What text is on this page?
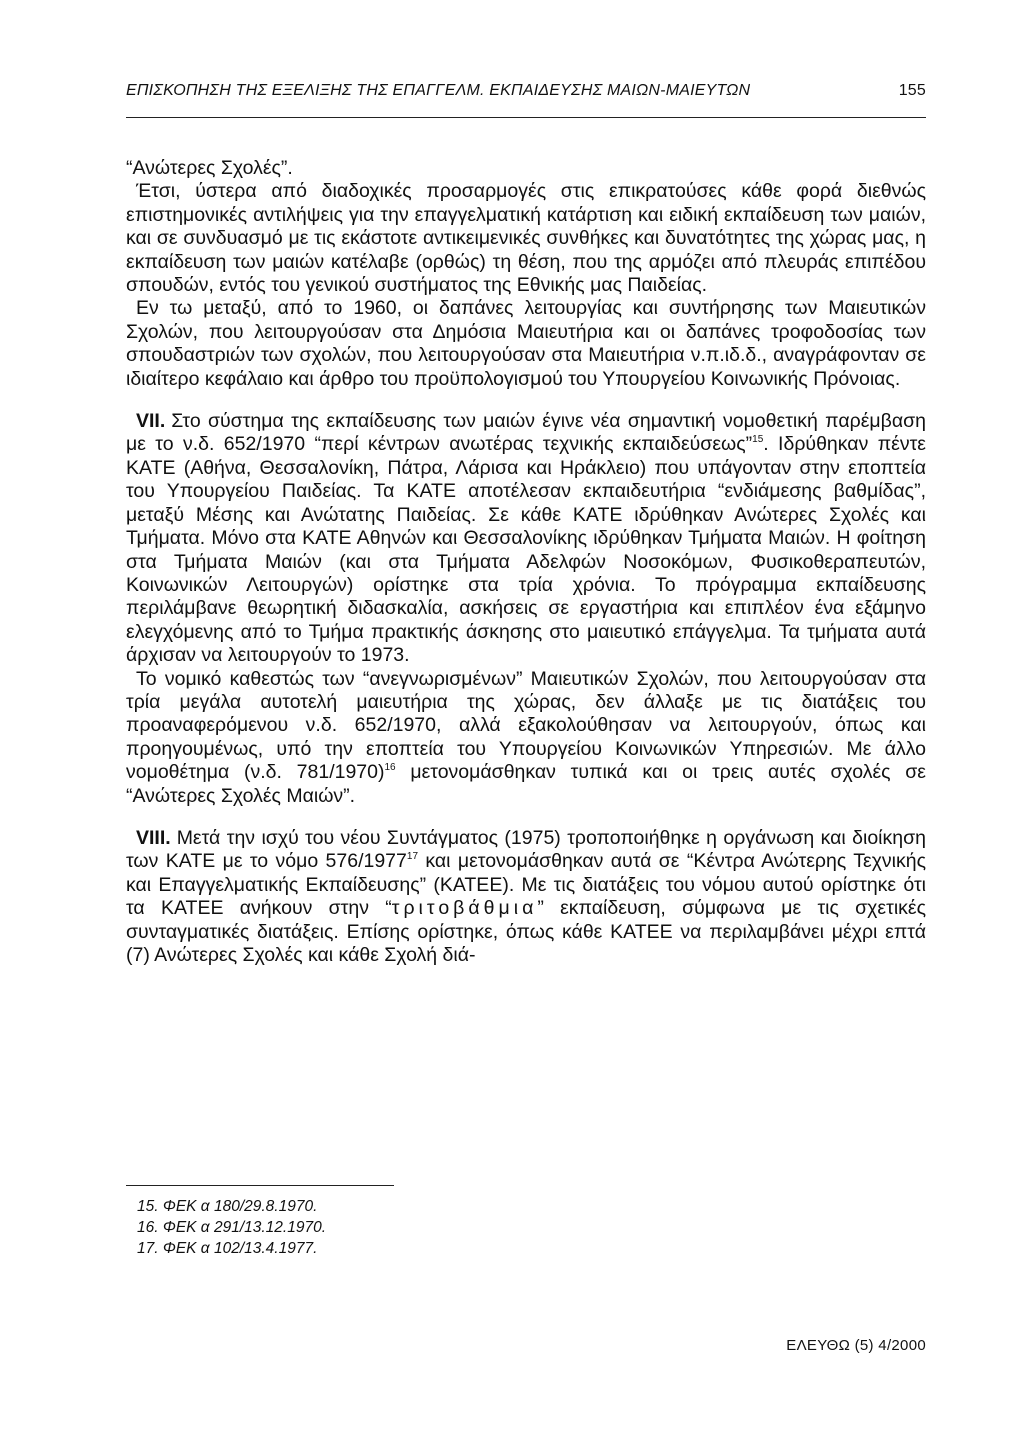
ΕΠΙΣΚΟΠΗΣΗ ΤΗΣ ΕΞΕΛΙΞΗΣ ΤΗΣ ΕΠΑΓΓΕΛΜ. ΕΚΠΑΙΔΕΥΣΗΣ ΜΑΙΩΝ-ΜΑΙΕΥΤΩΝ	155

“Ανώτερες Σχολές”.

Έτσι, ύστερα από διαδοχικές προσαρμογές στις επικρατούσες κάθε φορά διεθνώς επιστημονικές αντιλήψεις για την επαγγελματική κατάρτιση και ειδική εκπαίδευση των μαιών, και σε συνδυασμό με τις εκάστοτε αντικειμενικές συνθήκες και δυνατότητες της χώρας μας, η εκπαίδευση των μαιών κατέλαβε (ορθώς) τη θέση, που της αρμόζει από πλευράς επιπέδου σπουδών, εντός του γενικού συστήματος της Εθνικής μας Παιδείας.

Εν τω μεταξύ, από το 1960, οι δαπάνες λειτουργίας και συντήρησης των Μαιευτικών Σχολών, που λειτουργούσαν στα Δημόσια Μαιευτήρια και οι δαπάνες τροφοδοσίας των σπουδαστριών των σχολών, που λειτουργούσαν στα Μαιευτήρια ν.π.ιδ.δ., αναγράφονταν σε ιδιαίτερο κεφάλαιο και άρθρο του προϋπολογισμού του Υπουργείου Κοινωνικής Πρόνοιας.

VII. Στο σύστημα της εκπαίδευσης των μαιών έγινε νέα σημαντική νομοθετική παρέμβαση με το ν.δ. 652/1970 “περί κέντρων ανωτέρας τεχνικής εκπαιδεύσεως”$^{15}$. Ιδρύθηκαν πέντε ΚΑΤΕ (Αθήνα, Θεσσαλονίκη, Πάτρα, Λάρισα και Ηράκλειο) που υπάγονταν στην εποπτεία του Υπουργείου Παιδείας. Τα ΚΑΤΕ αποτέλεσαν εκπαιδευτήρια “ενδιάμεσης βαθμίδας”, μεταξύ Μέσης και Ανώτατης Παιδείας. Σε κάθε ΚΑΤΕ ιδρύθηκαν Ανώτερες Σχολές και Τμήματα. Μόνο στα ΚΑΤΕ Αθηνών και Θεσσαλονίκης ιδρύθηκαν Τμήματα Μαιών. Η φοίτηση στα Τμήματα Μαιών (και στα Τμήματα Αδελφών Νοσοκόμων, Φυσικοθεραπευτών, Κοινωνικών Λειτουργών) ορίστηκε στα τρία χρόνια. Το πρόγραμμα εκπαίδευσης περιλάμβανε θεωρητική διδασκαλία, ασκήσεις σε εργαστήρια και επιπλέον ένα εξάμηνο ελεγχόμενης από το Τμήμα πρακτικής άσκησης στο μαιευτικό επάγγελμα. Τα τμήματα αυτά άρχισαν να λειτουργούν το 1973.

Το νομικό καθεστώς των “ανεγνωρισμένων” Μαιευτικών Σχολών, που λειτουργούσαν στα τρία μεγάλα αυτοτελή μαιευτήρια της χώρας, δεν άλλαξε με τις διατάξεις του προαναφερόμενου ν.δ. 652/1970, αλλά εξακολούθησαν να λειτουργούν, όπως και προηγουμένως, υπό την εποπτεία του Υπουργείου Κοινωνικών Υπηρεσιών. Με άλλο νομοθέτημα (ν.δ. 781/1970)$^{16}$ μετονομάσθηκαν τυπικά και οι τρεις αυτές σχολές σε “Ανώτερες Σχολές Μαιών”.

VIII. Μετά την ισχύ του νέου Συντάγματος (1975) τροποποιήθηκε η οργάνωση και διοίκηση των ΚΑΤΕ με το νόμο 576/1977$^{17}$ και μετονομάσθηκαν αυτά σε “Κέντρα Ανώτερης Τεχνικής και Επαγγελματικής Εκπαίδευσης” (ΚΑΤΕΕ). Με τις διατάξεις του νόμου αυτού ορίστηκε ότι τα ΚΑΤΕΕ ανήκουν στην “τριτοβάθμια” εκπαίδευση, σύμφωνα με τις σχετικές συνταγματικές διατάξεις. Επίσης ορίστηκε, όπως κάθε ΚΑΤΕΕ να περιλαμβάνει μέχρι επτά (7) Ανώτερες Σχολές και κάθε Σχολή διά-

15. ΦΕΚ α 180/29.8.1970.
16. ΦΕΚ α 291/13.12.1970.
17. ΦΕΚ α 102/13.4.1977.
ΕΛΕΥΘΩ (5) 4/2000
